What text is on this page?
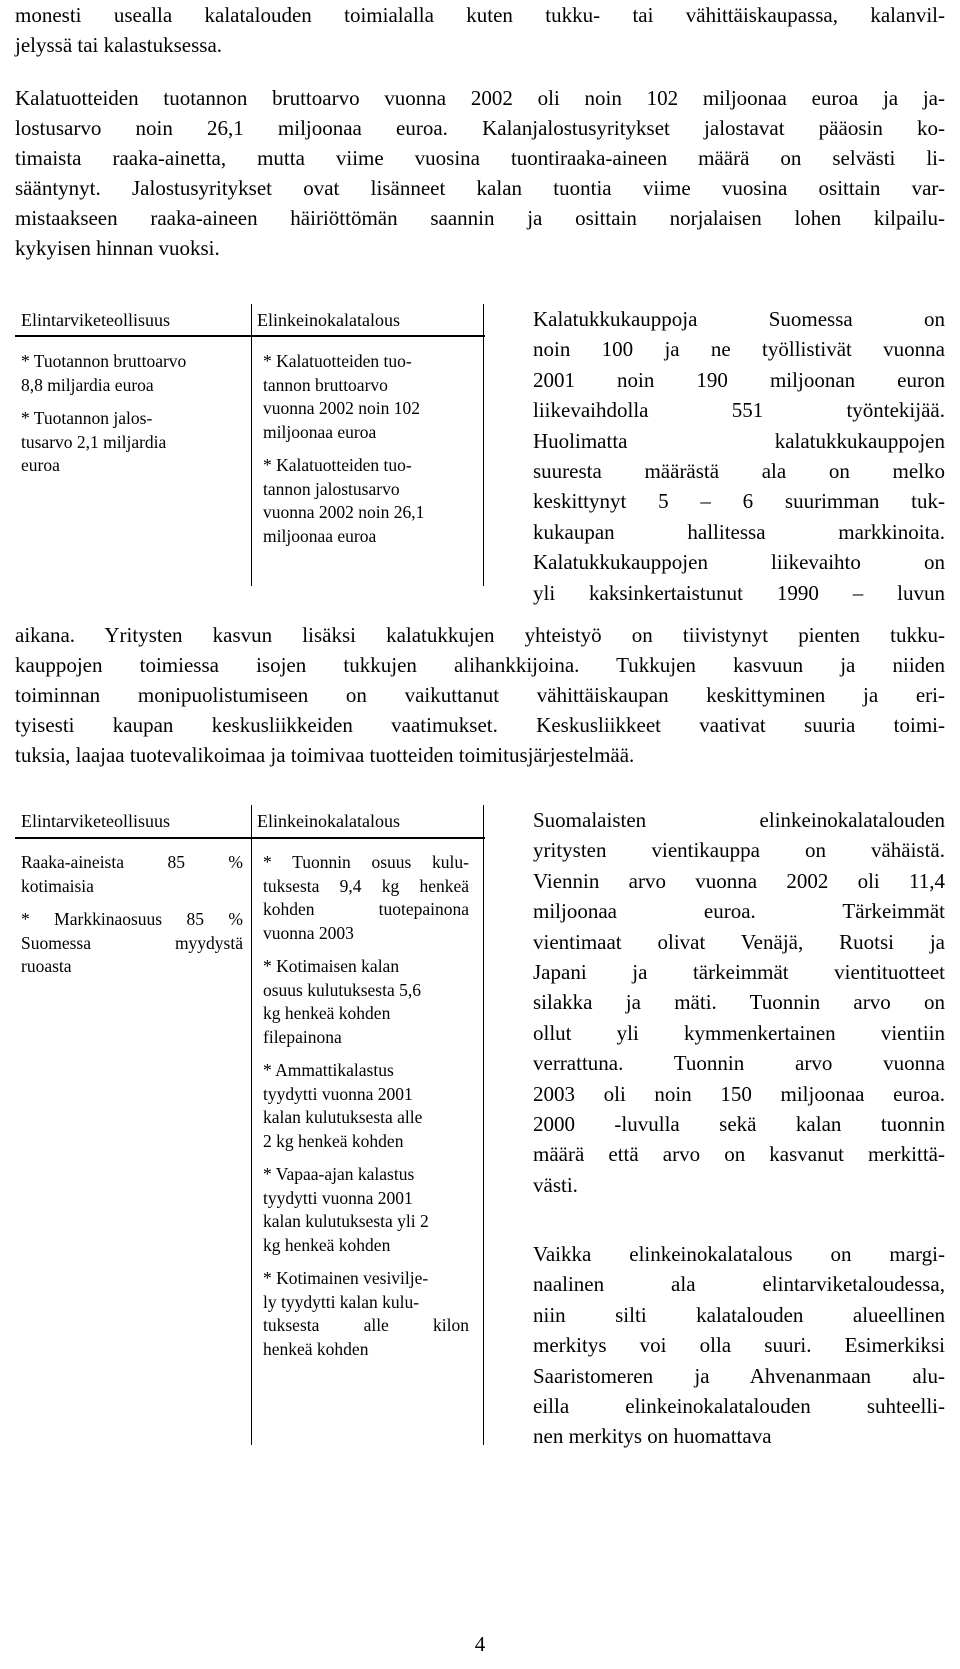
monesti usealla kalatalouden toimialalla kuten tukku- tai vähittäiskaupassa, kalanvil-
jelyssä tai kalastuksessa.
Kalatuotteiden tuotannon bruttoarvo vuonna 2002 oli noin 102 miljoonaa euroa ja ja-
lostusarvo noin 26,1 miljoonaa euroa. Kalanjalostusyritykset jalostavat pääosin ko-
timaista raaka-ainetta, mutta viime vuosina tuontiraaka-aineen määrä on selvästi li-
sääntynyt. Jalostusyritykset ovat lisänneet kalan tuontia viime vuosina osittain var-
mistaakseen raaka-aineen häiriöttömän saannin ja osittain norjalaisen lohen kilpailu-
kykyisen hinnan vuoksi.
Elintarviketeollisuus

* Tuotannon bruttoarvo
8,8 miljardia euroa

* Tuotannon jalos-
tusarvo 2,1 miljardia
euroa

Elinkeinokalatalous

* Kalatuotteiden tuo-
tannon bruttoarvo
vuonna 2002 noin 102
miljoonaa euroa

* Kalatuotteiden tuo-
tannon jalostusarvo
vuonna 2002 noin 26,1
miljoonaa euroa

Kalatukkukauppoja Suomessa on
noin 100 ja ne työllistivät vuonna
2001 noin 190 miljoonan euron
liikevaihdolla 551 työntekijää.
Huolimatta kalatukkukauppojen
suuresta määrästä ala on melko
keskittynyt 5 – 6 suurimman tuk-
kukaupan hallitessa markkinoita.
Kalatukkukauppojen liikevaihto on
yli kaksinkertaistunut 1990 – luvun
aikana. Yritysten kasvun lisäksi kalatukkujen yhteistyö on tiivistynyt pienten tukku-
kauppojen toimiessa isojen tukkujen alihankkijoina. Tukkujen kasvuun ja niiden
toiminnan monipuolistumiseen on vaikuttanut vähittäiskaupan keskittyminen ja eri-
tyisesti kaupan keskusliikkeiden vaatimukset. Keskusliikkeet vaativat suuria toimi-
tuksia, laajaa tuotevalikoimaa ja toimivaa tuotteiden toimitusjärjestelmää.
Elintarviketeollisuus

Raaka-aineista 85 %
kotimaisia

* Markkinaosuus 85 %
Suomessa myydystä
ruoasta

Elinkeinokalatalous

* Tuonnin osuus kulu-
tuksesta 9,4 kg henkeä
kohden tuotepainona
vuonna 2003

* Kotimaisen kalan
osuus kulutuksesta 5,6
kg henkeä kohden
filepainona

* Ammattikalastus
tyydytti vuonna 2001
kalan kulutuksesta alle
2 kg henkeä kohden

* Vapaa-ajan kalastus
tyydytti vuonna 2001
kalan kulutuksesta yli 2
kg henkeä kohden

* Kotimainen vesivilje-
ly tyydytti kalan kulu-
tuksesta alle kilon
henkeä kohden

Suomalaisten elinkeinokalatalouden
yritysten vientikauppa on vähäistä.
Viennin arvo vuonna 2002 oli 11,4
miljoonaa euroa. Tärkeimmät
vientimaat olivat Venäjä, Ruotsi ja
Japani ja tärkeimmät vientituotteet
silakka ja mäti. Tuonnin arvo on
ollut yli kymmenkertainen vientiin
verrattuna. Tuonnin arvo vuonna
2003 oli noin 150 miljoonaa euroa.
2000 -luvulla sekä kalan tuonnin
määrä että arvo on kasvanut merkittä-
västi.
Vaikka elinkeinokalatalous on margi-
naalinen ala elintarviketaloudessa,
niin silti kalatalouden alueellinen
merkitys voi olla suuri. Esimerkiksi
Saaristomeren ja Ahvenanmaan alu-
eilla elinkeinokalatalouden suhteelli-
nen merkitys on huomattava
4
